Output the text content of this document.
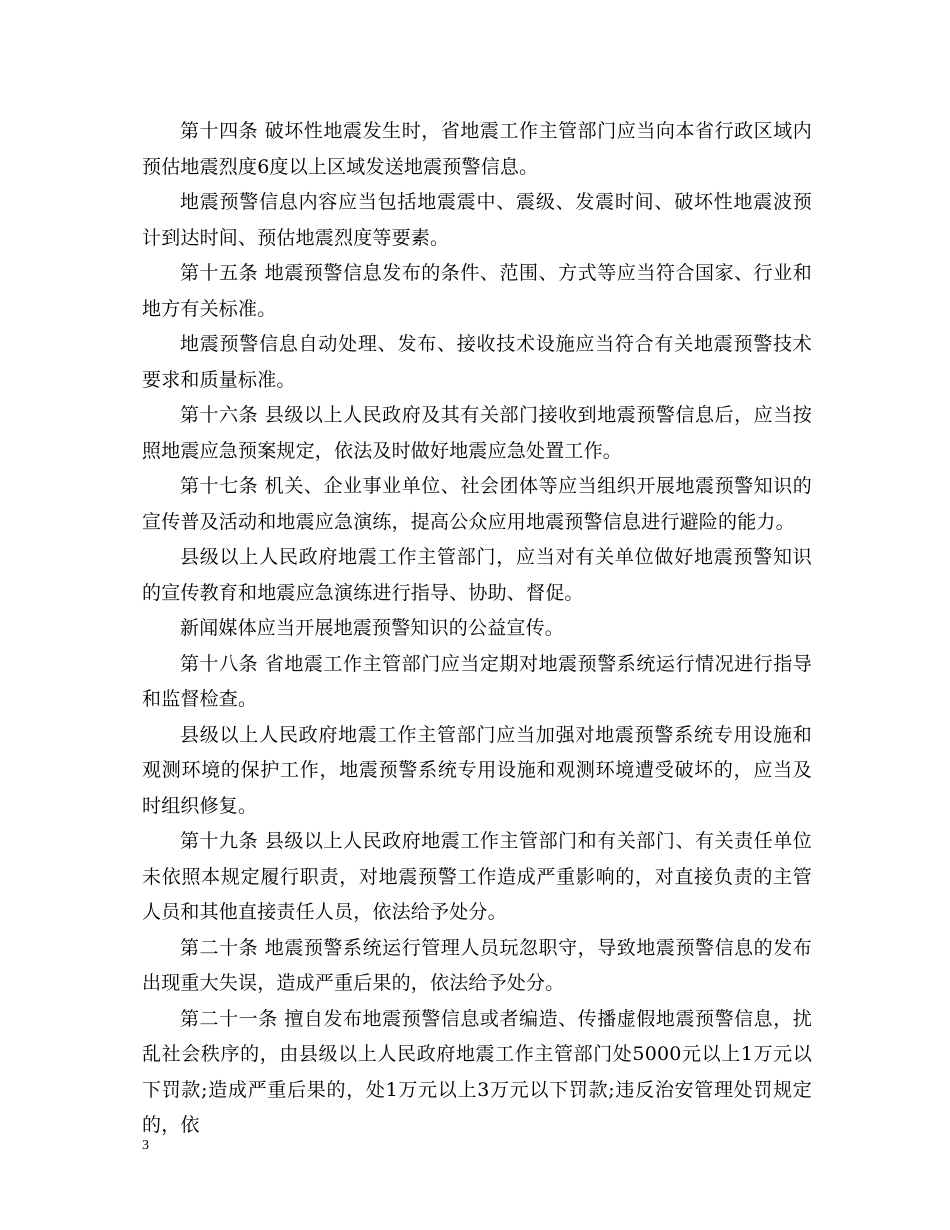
第十四条 破坏性地震发生时，省地震工作主管部门应当向本省行政区域内预估地震烈度6度以上区域发送地震预警信息。

地震预警信息内容应当包括地震震中、震级、发震时间、破坏性地震波预计到达时间、预估地震烈度等要素。

第十五条 地震预警信息发布的条件、范围、方式等应当符合国家、行业和地方有关标准。

地震预警信息自动处理、发布、接收技术设施应当符合有关地震预警技术要求和质量标准。

第十六条 县级以上人民政府及其有关部门接收到地震预警信息后，应当按照地震应急预案规定，依法及时做好地震应急处置工作。

第十七条 机关、企业事业单位、社会团体等应当组织开展地震预警知识的宣传普及活动和地震应急演练，提高公众应用地震预警信息进行避险的能力。

县级以上人民政府地震工作主管部门，应当对有关单位做好地震预警知识的宣传教育和地震应急演练进行指导、协助、督促。

新闻媒体应当开展地震预警知识的公益宣传。

第十八条 省地震工作主管部门应当定期对地震预警系统运行情况进行指导和监督检查。

县级以上人民政府地震工作主管部门应当加强对地震预警系统专用设施和观测环境的保护工作，地震预警系统专用设施和观测环境遭受破坏的，应当及时组织修复。

第十九条 县级以上人民政府地震工作主管部门和有关部门、有关责任单位未依照本规定履行职责，对地震预警工作造成严重影响的，对直接负责的主管人员和其他直接责任人员，依法给予处分。

第二十条 地震预警系统运行管理人员玩忽职守，导致地震预警信息的发布出现重大失误，造成严重后果的，依法给予处分。

第二十一条 擅自发布地震预警信息或者编造、传播虚假地震预警信息，扰乱社会秩序的，由县级以上人民政府地震工作主管部门处5000元以上1万元以下罚款;造成严重后果的，处1万元以上3万元以下罚款;违反治安管理处罚规定的，依

3
